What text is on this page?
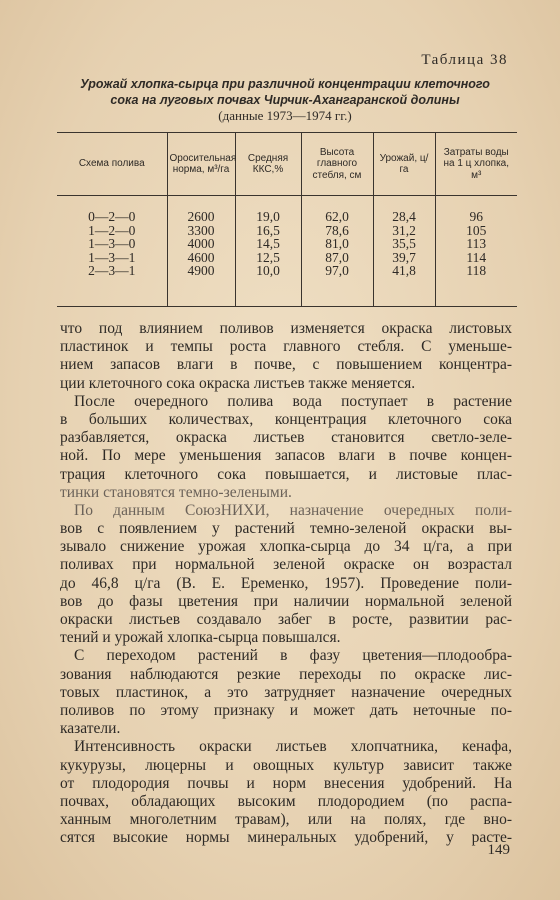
Таблица 38
Урожай хлопка-сырца при различной концентрации клеточного
сока на луговых почвах Чирчик-Ахангаранской долины
(данные 1973—1974 гг.)
Схема полива	Оросительная норма, м³/га	Средняя ККС,%	Высота главного стебля, см	Урожай, ц/га	Затраты воды на 1 ц хлопка, м³

0—2—0	2600	19,0	62,0	28,4	96
1—2—0	3300	16,5	78,6	31,2	105
1—3—0	4000	14,5	81,0	35,5	113
1—3—1	4600	12,5	87,0	39,7	114
2—3—1	4900	10,0	97,0	41,8	118

что под влиянием поливов изменяется окраска листовых
пластинок и темпы роста главного стебля. С уменьше-
нием запасов влаги в почве, с повышением концентра-
ции клеточного сока окраска листьев также меняется.
После очередного полива вода поступает в растение
в больших количествах, концентрация клеточного сока
разбавляется, окраска листьев становится светло-зеле-
ной. По мере уменьшения запасов влаги в почве концен-
трация клеточного сока повышается, и листовые плас-
тинки становятся темно-зелеными.
По данным СоюзНИХИ, назначение очередных поли-
вов с появлением у растений темно-зеленой окраски вы-
зывало снижение урожая хлопка-сырца до 34 ц/га, а при
поливах при нормальной зеленой окраске он возрастал
до 46,8 ц/га (В. Е. Еременко, 1957). Проведение поли-
вов до фазы цветения при наличии нормальной зеленой
окраски листьев создавало забег в росте, развитии рас-
тений и урожай хлопка-сырца повышался.
С переходом растений в фазу цветения—плодообра-
зования наблюдаются резкие переходы по окраске лис-
товых пластинок, а это затрудняет назначение очередных
поливов по этому признаку и может дать неточные по-
казатели.
Интенсивность окраски листьев хлопчатника, кенафа,
кукурузы, люцерны и овощных культур зависит также
от плодородия почвы и норм внесения удобрений. На
почвах, обладающих высоким плодородием (по распа-
ханным многолетним травам), или на полях, где вно-
сятся высокие нормы минеральных удобрений, у расте-
149
